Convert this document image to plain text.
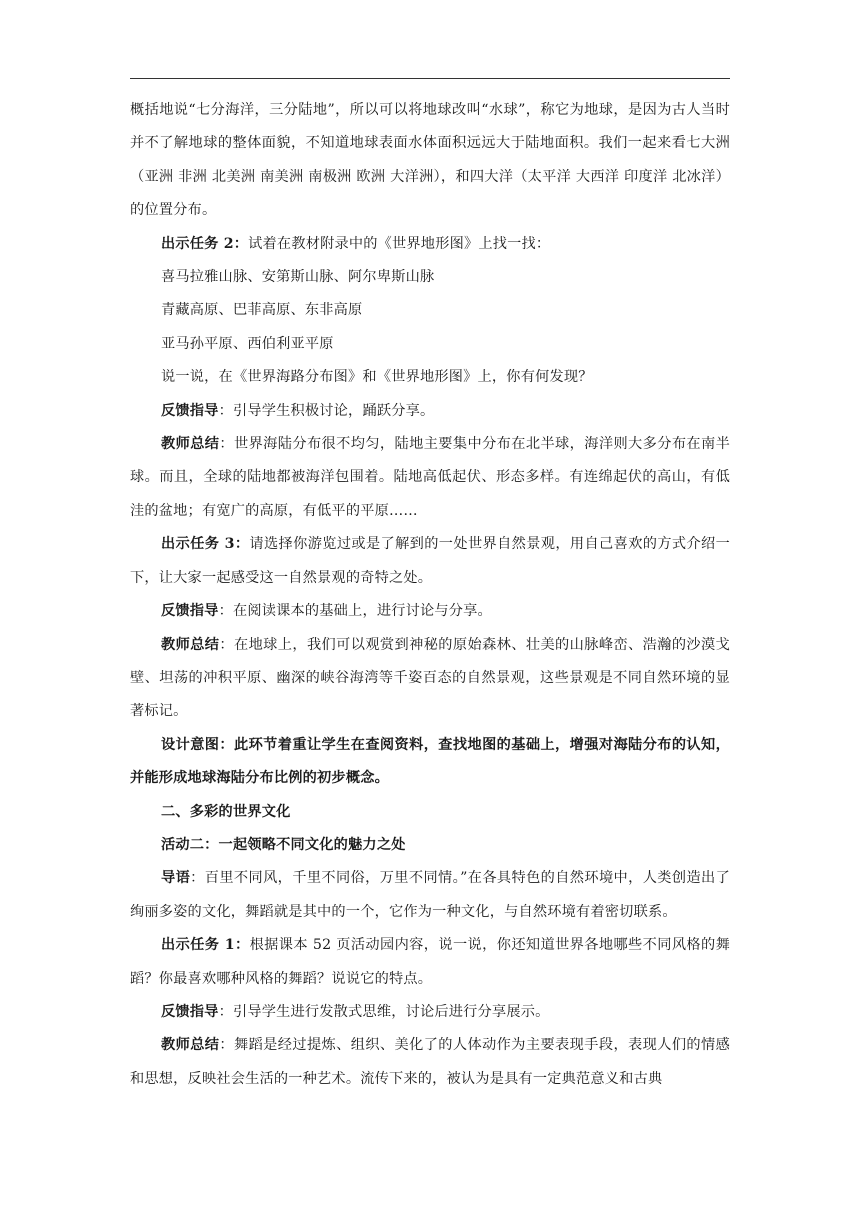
概括地说“七分海洋，三分陆地”，所以可以将地球改叫“水球”，称它为地球，是因为古人当时并不了解地球的整体面貌，不知道地球表面水体面积远远大于陆地面积。我们一起来看七大洲（亚洲 非洲 北美洲 南美洲 南极洲 欧洲 大洋洲），和四大洋（太平洋 大西洋 印度洋 北冰洋）的位置分布。

出示任务 2：试着在教材附录中的《世界地形图》上找一找：

喜马拉雅山脉、安第斯山脉、阿尔卑斯山脉

青藏高原、巴菲高原、东非高原

亚马孙平原、西伯利亚平原

说一说，在《世界海路分布图》和《世界地形图》上，你有何发现？

反馈指导：引导学生积极讨论，踊跃分享。

教师总结：世界海陆分布很不均匀，陆地主要集中分布在北半球，海洋则大多分布在南半球。而且，全球的陆地都被海洋包围着。陆地高低起伏、形态多样。有连绵起伏的高山，有低洼的盆地；有宽广的高原，有低平的平原……

出示任务 3：请选择你游览过或是了解到的一处世界自然景观，用自己喜欢的方式介绍一下，让大家一起感受这一自然景观的奇特之处。

反馈指导：在阅读课本的基础上，进行讨论与分享。

教师总结：在地球上，我们可以观赏到神秘的原始森林、壮美的山脉峰峦、浩瀚的沙漠戈壁、坦荡的冲积平原、幽深的峡谷海湾等千姿百态的自然景观，这些景观是不同自然环境的显著标记。

设计意图：此环节着重让学生在查阅资料，查找地图的基础上，增强对海陆分布的认知，并能形成地球海陆分布比例的初步概念。

二、多彩的世界文化

活动二：一起领略不同文化的魅力之处

导语：百里不同风，千里不同俗，万里不同情。”在各具特色的自然环境中，人类创造出了绚丽多姿的文化，舞蹈就是其中的一个，它作为一种文化，与自然环境有着密切联系。

出示任务 1：根据课本 52 页活动园内容，说一说，你还知道世界各地哪些不同风格的舞蹈？你最喜欢哪种风格的舞蹈？说说它的特点。

反馈指导：引导学生进行发散式思维，讨论后进行分享展示。

教师总结：舞蹈是经过提炼、组织、美化了的人体动作为主要表现手段，表现人们的情感和思想，反映社会生活的一种艺术。流传下来的，被认为是具有一定典范意义和古典
